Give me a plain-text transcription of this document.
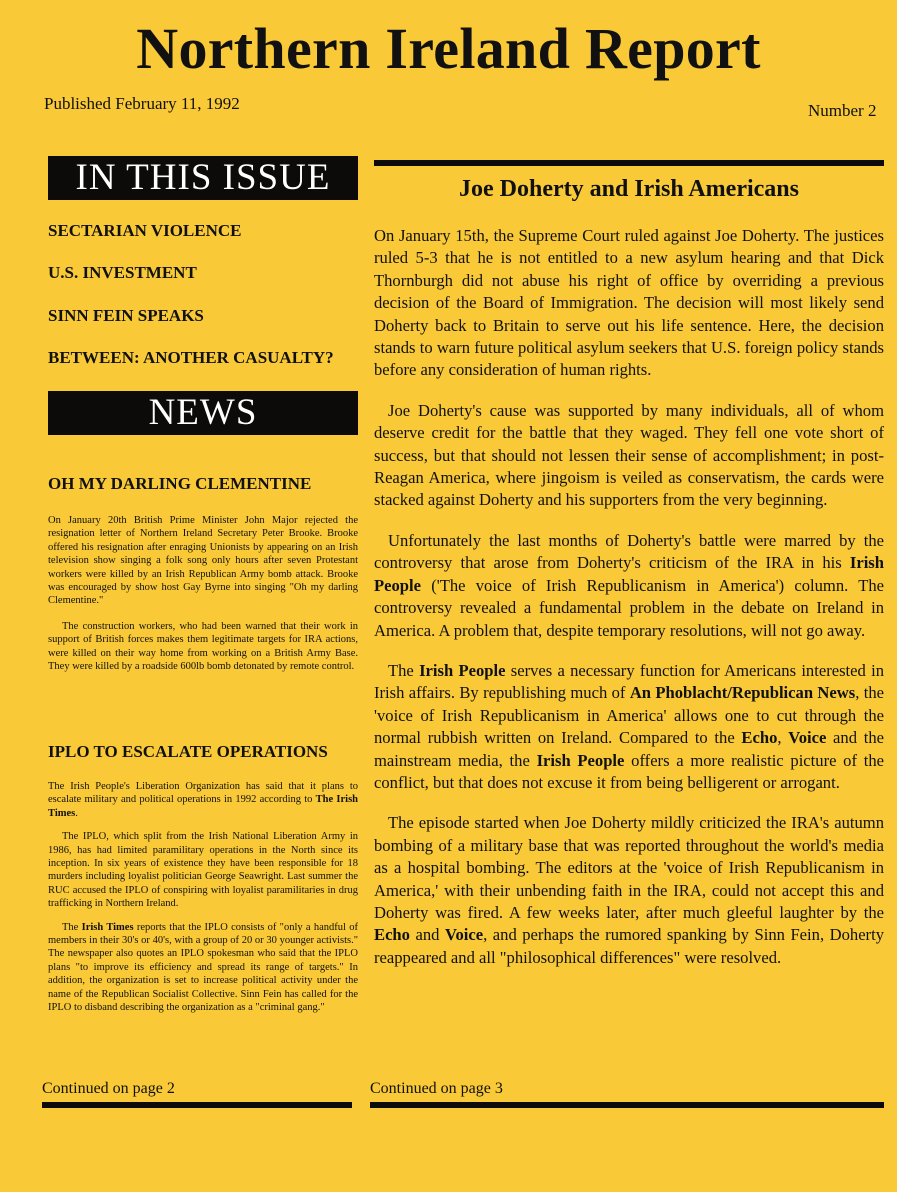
Northern Ireland Report
Published February 11, 1992	Number 2
IN THIS ISSUE
SECTARIAN VIOLENCE
U.S. INVESTMENT
SINN FEIN SPEAKS
BETWEEN: ANOTHER CASUALTY?
NEWS
OH MY DARLING CLEMENTINE

On January 20th British Prime Minister John Major rejected the resignation letter of Northern Ireland Secretary Peter Brooke. Brooke offered his resignation after enraging Unionists by appearing on an Irish television show singing a folk song only hours after seven Protestant workers were killed by an Irish Republican Army bomb attack. Brooke was encouraged by show host Gay Byrne into singing "Oh my darling Clementine."

The construction workers, who had been warned that their work in support of British forces makes them legitimate targets for IRA actions, were killed on their way home from working on a British Army Base. They were killed by a roadside 600lb bomb detonated by remote control.

IPLO TO ESCALATE OPERATIONS

The Irish People's Liberation Organization has said that it plans to escalate military and political operations in 1992 according to The Irish Times.

The IPLO, which split from the Irish National Liberation Army in 1986, has had limited paramilitary operations in the North since its inception. In six years of existence they have been responsible for 18 murders including loyalist politician George Seawright. Last summer the RUC accused the IPLO of conspiring with loyalist paramilitaries in drug trafficking in Northern Ireland.

The Irish Times reports that the IPLO consists of "only a handful of members in their 30's or 40's, with a group of 20 or 30 younger activists." The newspaper also quotes an IPLO spokesman who said that the IPLO plans "to improve its efficiency and spread its range of targets." In addition, the organization is set to increase political activity under the name of the Republican Socialist Collective. Sinn Fein has called for the IPLO to disband describing the organization as a "criminal gang."

Continued on page 2
Joe Doherty and Irish Americans

On January 15th, the Supreme Court ruled against Joe Doherty. The justices ruled 5-3 that he is not entitled to a new asylum hearing and that Dick Thornburgh did not abuse his right of office by overriding a previous decision of the Board of Immigration. The decision will most likely send Doherty back to Britain to serve out his life sentence. Here, the decision stands to warn future political asylum seekers that U.S. foreign policy stands before any consideration of human rights.

Joe Doherty's cause was supported by many individuals, all of whom deserve credit for the battle that they waged. They fell one vote short of success, but that should not lessen their sense of accomplishment; in post-Reagan America, where jingoism is veiled as conservatism, the cards were stacked against Doherty and his supporters from the very beginning.

Unfortunately the last months of Doherty's battle were marred by the controversy that arose from Doherty's criticism of the IRA in his Irish People ('The voice of Irish Republicanism in America') column. The controversy revealed a fundamental problem in the debate on Ireland in America. A problem that, despite temporary resolutions, will not go away.

The Irish People serves a necessary function for Americans interested in Irish affairs. By republishing much of An Phoblacht/Republican News, the 'voice of Irish Republicanism in America' allows one to cut through the normal rubbish written on Ireland. Compared to the Echo, Voice and the mainstream media, the Irish People offers a more realistic picture of the conflict, but that does not excuse it from being belligerent or arrogant.

The episode started when Joe Doherty mildly criticized the IRA's autumn bombing of a military base that was reported throughout the world's media as a hospital bombing. The editors at the 'voice of Irish Republicanism in America,' with their unbending faith in the IRA, could not accept this and Doherty was fired. A few weeks later, after much gleeful laughter by the Echo and Voice, and perhaps the rumored spanking by Sinn Fein, Doherty reappeared and all "philosophical differences" were resolved.

Continued on page 3
